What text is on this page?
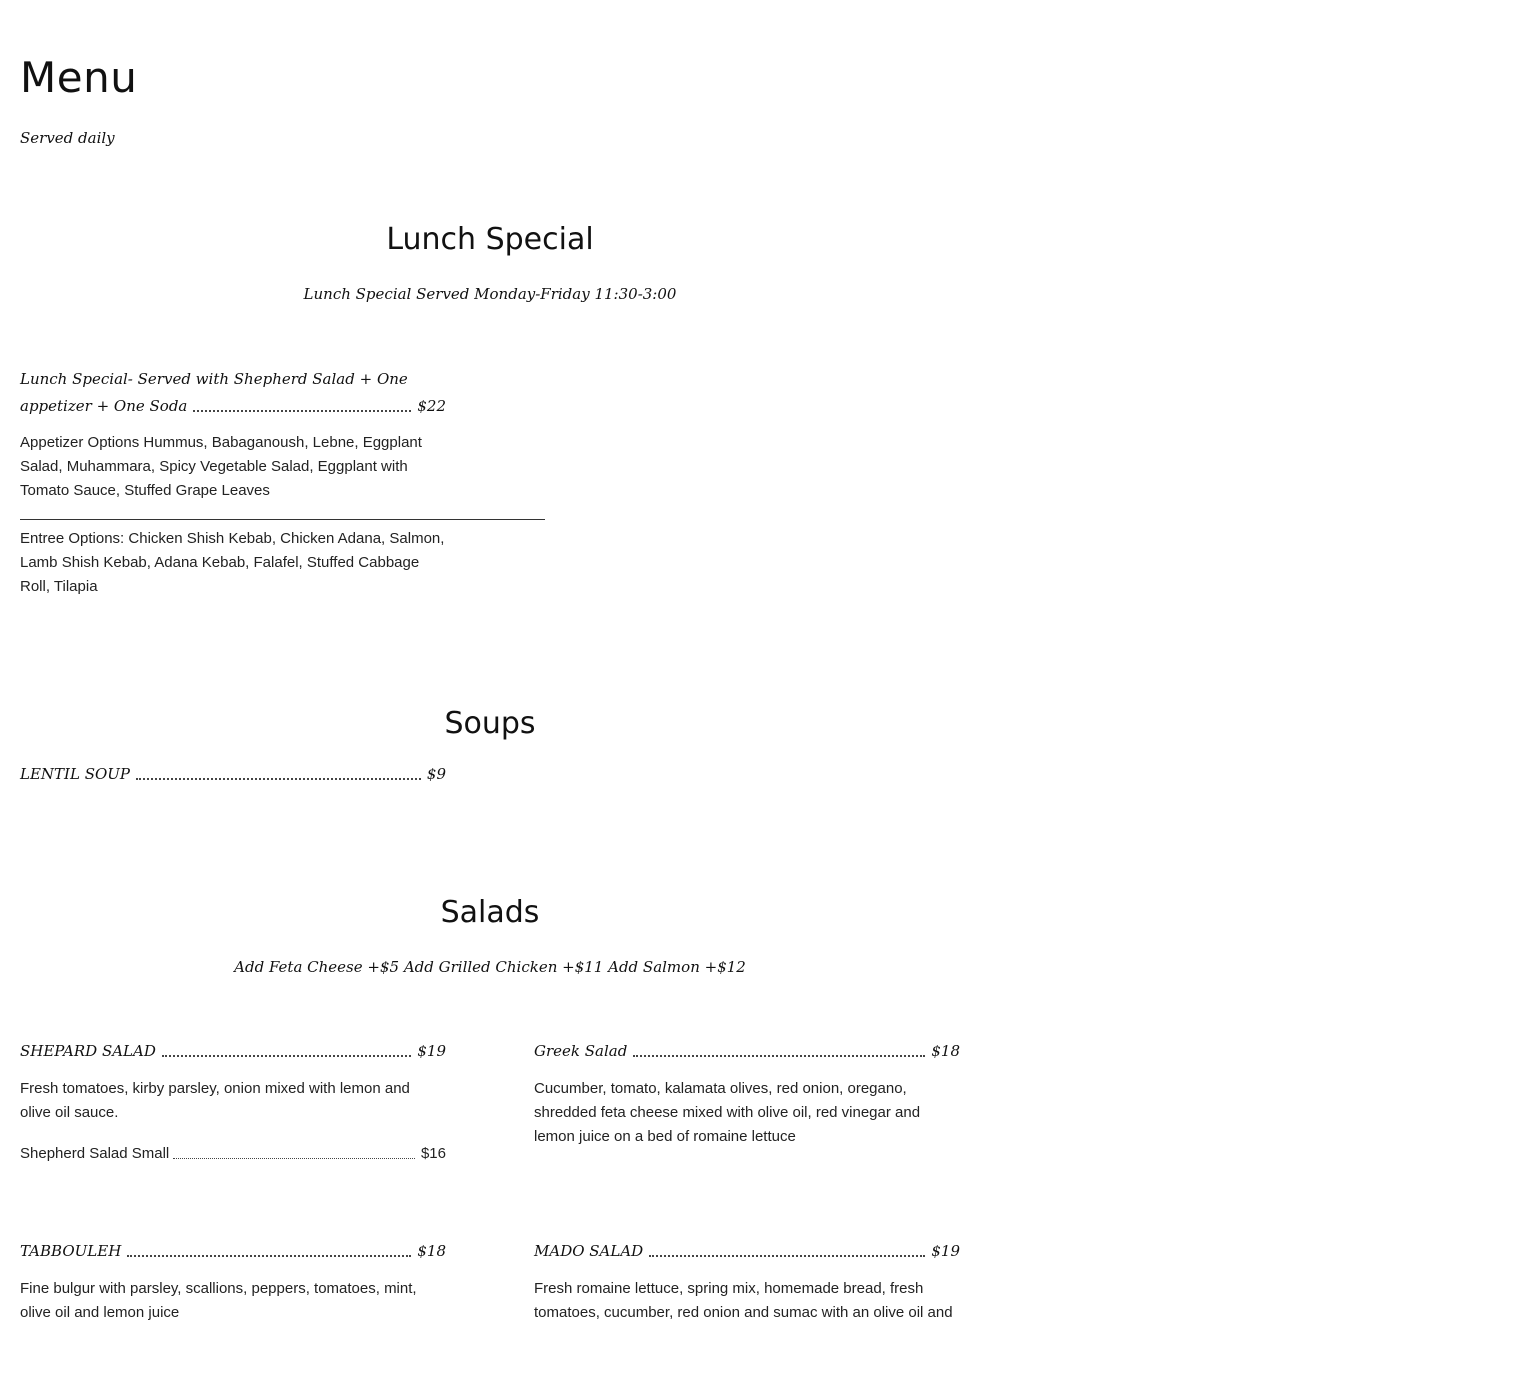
Menu
Served daily
Lunch Special
Lunch Special Served Monday-Friday 11:30-3:00
Lunch Special- Served with Shepherd Salad + One
appetizer + One Soda	$22
Appetizer Options Hummus, Babaganoush, Lebne, Eggplant Salad, Muhammara, Spicy Vegetable Salad, Eggplant with Tomato Sauce, Stuffed Grape Leaves
Entree Options: Chicken Shish Kebab, Chicken Adana, Salmon, Lamb Shish Kebab, Adana Kebab, Falafel, Stuffed Cabbage Roll, Tilapia
Soups
LENTIL SOUP	$9
Salads
Add Feta Cheese +$5 Add Grilled Chicken +$11 Add Salmon +$12
SHEPARD SALAD	$19
Fresh tomatoes, kirby parsley, onion mixed with lemon and olive oil sauce.
Shepherd Salad Small	$16
Greek Salad	$18
Cucumber, tomato, kalamata olives, red onion, oregano, shredded feta cheese mixed with olive oil, red vinegar and lemon juice on a bed of romaine lettuce
TABBOULEH	$18
Fine bulgur with parsley, scallions, peppers, tomatoes, mint, olive oil and lemon juice
MADO SALAD	$19
Fresh romaine lettuce, spring mix, homemade bread, fresh tomatoes, cucumber, red onion and sumac with an olive oil and
